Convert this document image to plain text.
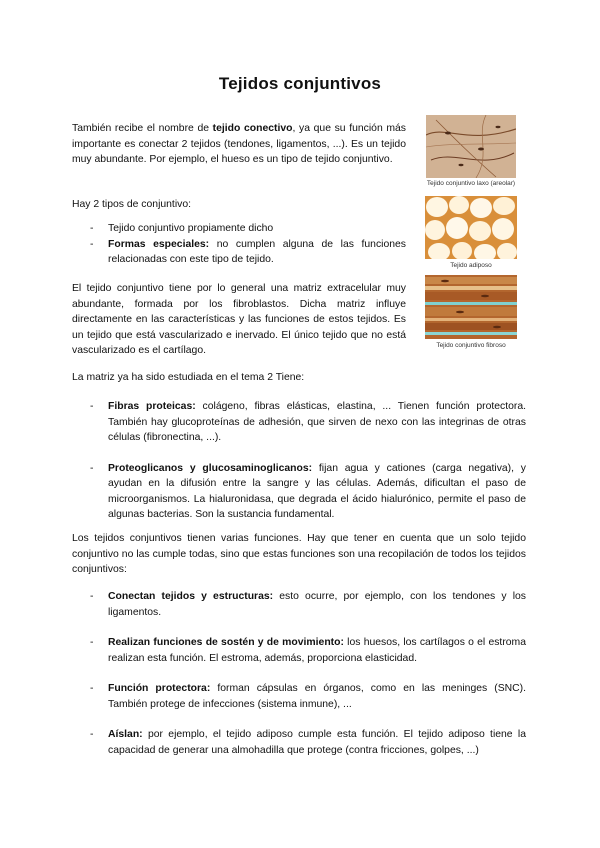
Tejidos conjuntivos

También recibe el nombre de tejido conectivo, ya que su función más importante es conectar 2 tejidos (tendones, ligamentos, ...). Es un tejido muy abundante. Por ejemplo, el hueso es un tipo de tejido conjuntivo.

Hay 2 tipos de conjuntivo:

- Tejido conjuntivo propiamente dicho
- Formas especiales: no cumplen alguna de las funciones relacionadas con este tipo de tejido.

El tejido conjuntivo tiene por lo general una matriz extracelular muy abundante, formada por los fibroblastos. Dicha matriz influye directamente en las características y las funciones de estos tejidos. Es un tejido que está vascularizado e inervado. El único tejido que no está vascularizado es el cartílago.

La matriz ya ha sido estudiada en el tema 2 Tiene:

- Fibras proteicas: colágeno, fibras elásticas, elastina, ... Tienen función protectora. También hay glucoproteínas de adhesión, que sirven de nexo con las integrinas de otras células (fibronectina, ...).
- Proteoglicanos y glucosaminoglicanos: fijan agua y cationes (carga negativa), y ayudan en la difusión entre la sangre y las células. Además, dificultan el paso de microorganismos. La hialuronidasa, que degrada el ácido hialurónico, permite el paso de algunas bacterias. Son la sustancia fundamental.

Los tejidos conjuntivos tienen varias funciones. Hay que tener en cuenta que un solo tejido conjuntivo no las cumple todas, sino que estas funciones son una recopilación de todos los tejidos conjuntivos:

- Conectan tejidos y estructuras: esto ocurre, por ejemplo, con los tendones y los ligamentos.
- Realizan funciones de sostén y de movimiento: los huesos, los cartílagos o el estroma realizan esta función. El estroma, además, proporciona elasticidad.
- Función protectora: forman cápsulas en órganos, como en las meninges (SNC). También protege de infecciones (sistema inmune), ...
- Aíslan: por ejemplo, el tejido adiposo cumple esta función. El tejido adiposo tiene la capacidad de generar una almohadilla que protege (contra fricciones, golpes, ...)
Tejido conjuntivo laxo (areolar)
Tejido adiposo
Tejido conjuntivo fibroso
